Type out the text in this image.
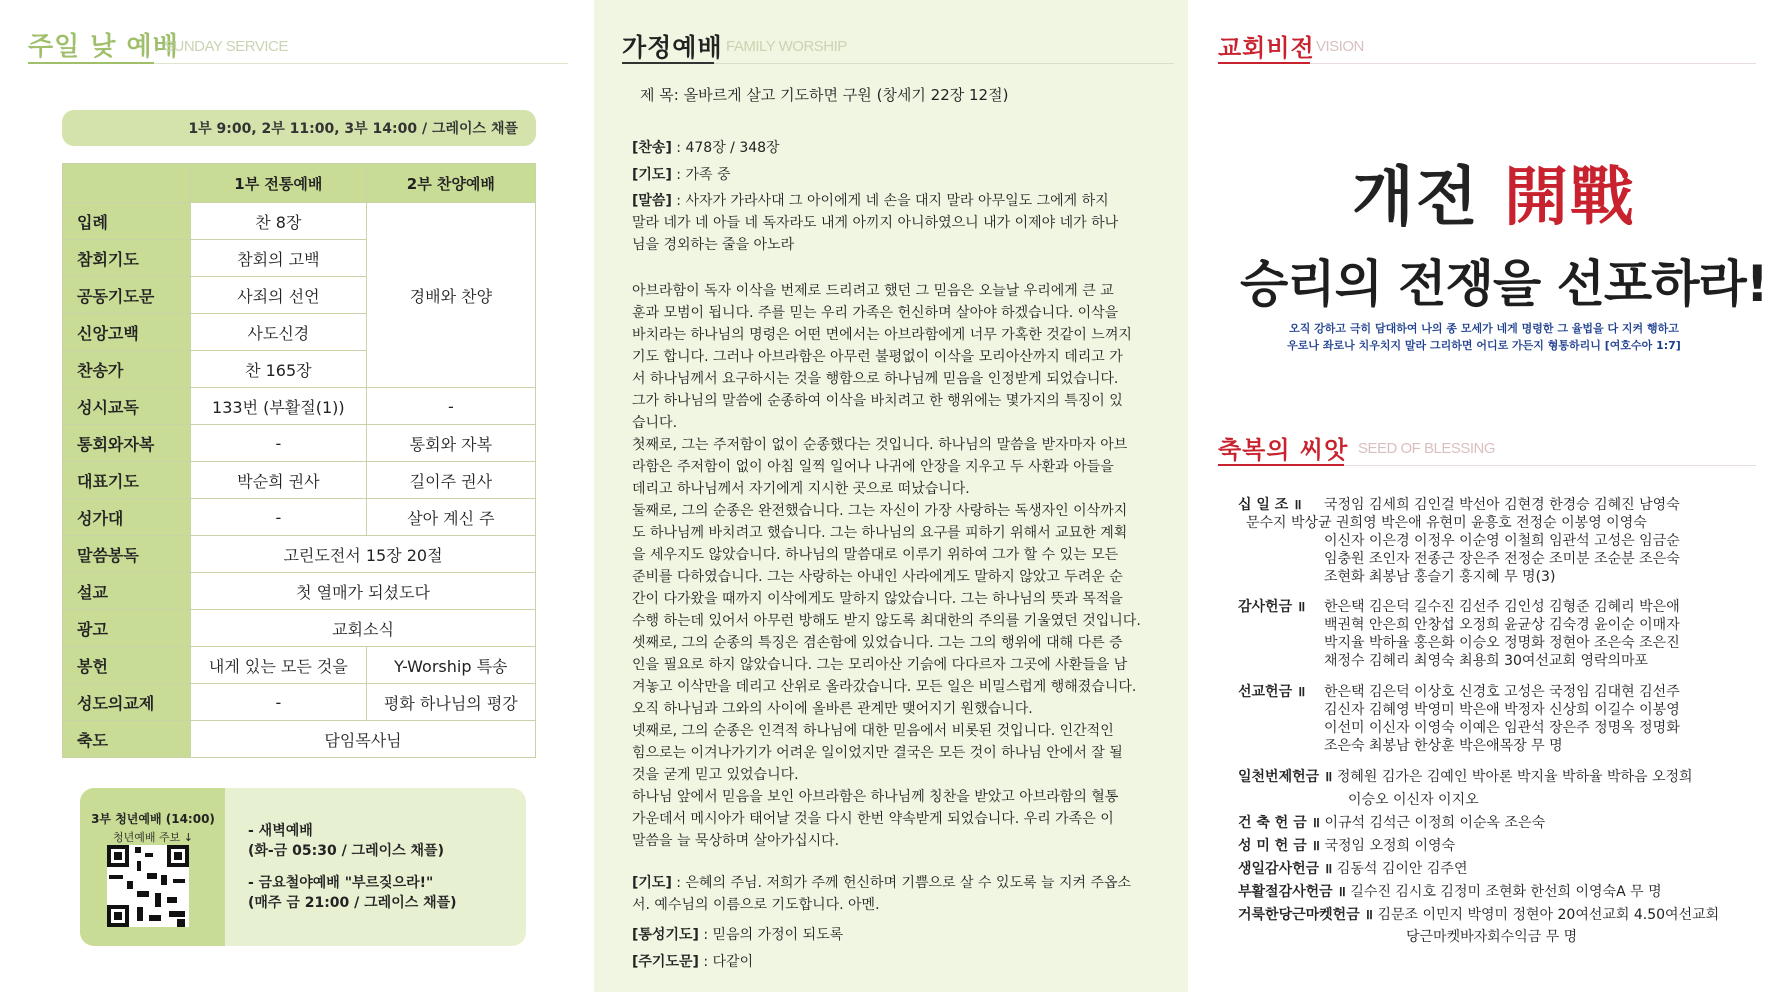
주일 낮 예배
SUNDAY SERVICE
1부 9:00, 2부 11:00, 3부 14:00 / 그레이스 채플
	1부 전통예배	2부 찬양예배
입례	찬 8장	경배와 찬양
참회기도	참회의 고백	
공동기도문	사죄의 선언	
신앙고백	사도신경	
찬송가	찬 165장	
성시교독	133번 (부활절(1))	-
통회와자복	-	통회와 자복
대표기도	박순희 권사	길이주 권사
성가대	-	살아 계신 주
말씀봉독	고린도전서 15장 20절	
설교	첫 열매가 되셨도다	
광고	교회소식	
봉헌	내게 있는 모든 것을	Y-Worship 특송
성도의교제	-	평화 하나님의 평강
축도	담임목사님	
3부 청년예배 (14:00)
청년예배 주보 ↓	- 새벽예배
(화-금 05:30 / 그레이스 채플)
- 금요철야예배 "부르짖으라!"
(매주 금 21:00 / 그레이스 채플)
가정예배 FAMILY WORSHIP
제 목: 올바르게 살고 기도하면 구원 (창세기 22장 12절)
[찬송] : 478장 / 348장
[기도] : 가족 중
[말씀] : 사자가 가라사대 그 아이에게 네 손을 대지 말라 아무일도 그에게 하지
말라 네가 네 아들 네 독자라도 내게 아끼지 아니하였으니 내가 이제야 네가 하나
님을 경외하는 줄을 아노라
아브라함이 독자 이삭을 번제로 드리려고 했던 그 믿음은 오늘날 우리에게 큰 교
훈과 모범이 됩니다. 주를 믿는 우리 가족은 헌신하며 살아야 하겠습니다. 이삭을
바치라는 하나님의 명령은 어떤 면에서는 아브라함에게 너무 가혹한 것같이 느껴지
기도 합니다. 그러나 아브라함은 아무런 불평없이 이삭을 모리아산까지 데리고 가
서 하나님께서 요구하시는 것을 행함으로 하나님께 믿음을 인정받게 되었습니다.
그가 하나님의 말씀에 순종하여 이삭을 바치려고 한 행위에는 몇가지의 특징이 있
습니다.
첫째로, 그는 주저함이 없이 순종했다는 것입니다. 하나님의 말씀을 받자마자 아브
라함은 주저함이 없이 아침 일찍 일어나 나귀에 안장을 지우고 두 사환과 아들을
데리고 하나님께서 자기에게 지시한 곳으로 떠났습니다.
둘째로, 그의 순종은 완전했습니다. 그는 자신이 가장 사랑하는 독생자인 이삭까지
도 하나님께 바치려고 했습니다. 그는 하나님의 요구를 피하기 위해서 교묘한 계획
을 세우지도 않았습니다. 하나님의 말씀대로 이루기 위하여 그가 할 수 있는 모든
준비를 다하였습니다. 그는 사랑하는 아내인 사라에게도 말하지 않았고 두려운 순
간이 다가왔을 때까지 이삭에게도 말하지 않았습니다. 그는 하나님의 뜻과 목적을
수행 하는데 있어서 아무런 방해도 받지 않도록 최대한의 주의를 기울였던 것입니다.
셋째로, 그의 순종의 특징은 겸손함에 있었습니다. 그는 그의 행위에 대해 다른 증
인을 필요로 하지 않았습니다. 그는 모리아산 기슭에 다다르자 그곳에 사환들을 남
겨놓고 이삭만을 데리고 산위로 올라갔습니다. 모든 일은 비밀스럽게 행해졌습니다.
오직 하나님과 그와의 사이에 올바른 관계만 맺어지기 원했습니다.
넷째로, 그의 순종은 인격적 하나님에 대한 믿음에서 비롯된 것입니다. 인간적인
힘으로는 이겨나가기가 어려운 일이었지만 결국은 모든 것이 하나님 안에서 잘 될
것을 굳게 믿고 있었습니다.
하나님 앞에서 믿음을 보인 아브라함은 하나님께 칭찬을 받았고 아브라함의 혈통
가운데서 메시아가 태어날 것을 다시 한번 약속받게 되었습니다. 우리 가족은 이
말씀을 늘 묵상하며 살아가십시다.
[기도] : 은혜의 주님. 저희가 주께 헌신하며 기쁨으로 살 수 있도록 늘 지켜 주옵소
서. 예수님의 이름으로 기도합니다. 아멘.
[통성기도] : 믿음의 가정이 되도록
[주기도문] : 다같이
교회비전 VISION
개전 開戰
승리의 전쟁을 선포하라!
오직 강하고 극히 담대하여 나의 종 모세가 네게 명령한 그 율법을 다 지켜 행하고
우로나 좌로나 치우치지 말라 그리하면 어디로 가든지 형통하리니 [여호수아 1:7]
축복의 씨앗 SEED OF BLESSING
십 일 조 ॥ 국정임 김세희 김인걸 박선아 김현경 한경승 김혜진 남영숙
문수지 박상균 권희영 박은애 유현미 윤흥호 전정순 이봉영 이영숙
이신자 이은경 이정우 이순영 이철희 임관석 고성은 임금순
임충원 조인자 전종근 장은주 전정순 조미분 조순분 조은숙
조현화 최봉남 홍슬기 홍지혜 무 명(3)
감사헌금 ॥ 한은택 김은덕 길수진 김선주 김인성 김형준 김혜리 박은애
백권혁 안은희 안창섭 오정희 윤균상 김숙경 윤이순 이매자
박지율 박하율 홍은화 이승오 정명화 정현아 조은숙 조은진
채정수 김혜리 최영숙 최용희 30여선교회 영락의마포
선교헌금 ॥ 한은택 김은덕 이상호 신경호 고성은 국정임 김대현 김선주
김신자 김혜영 박영미 박은애 박정자 신상희 이길수 이봉영
이선미 이신자 이영숙 이예은 임관석 장은주 정명옥 정명화
조은숙 최봉남 한상훈 박은애목장 무 명
일천번제헌금 ॥ 정혜원 김가은 김예인 박아론 박지율 박하율 박하음 오정희
이승오 이신자 이지오
건 축 헌 금 ॥ 이규석 김석근 이정희 이순옥 조은숙
성 미 헌 금 ॥ 국정임 오정희 이영숙
생일감사헌금 ॥ 김동석 김이안 김주연
부활절감사헌금 ॥ 길수진 김시호 김정미 조현화 한선희 이영숙A 무 명
거룩한당근마켓헌금 ॥ 김문조 이민지 박영미 정현아 20여선교회 4.50여선교회
당근마켓바자회수익금 무 명
